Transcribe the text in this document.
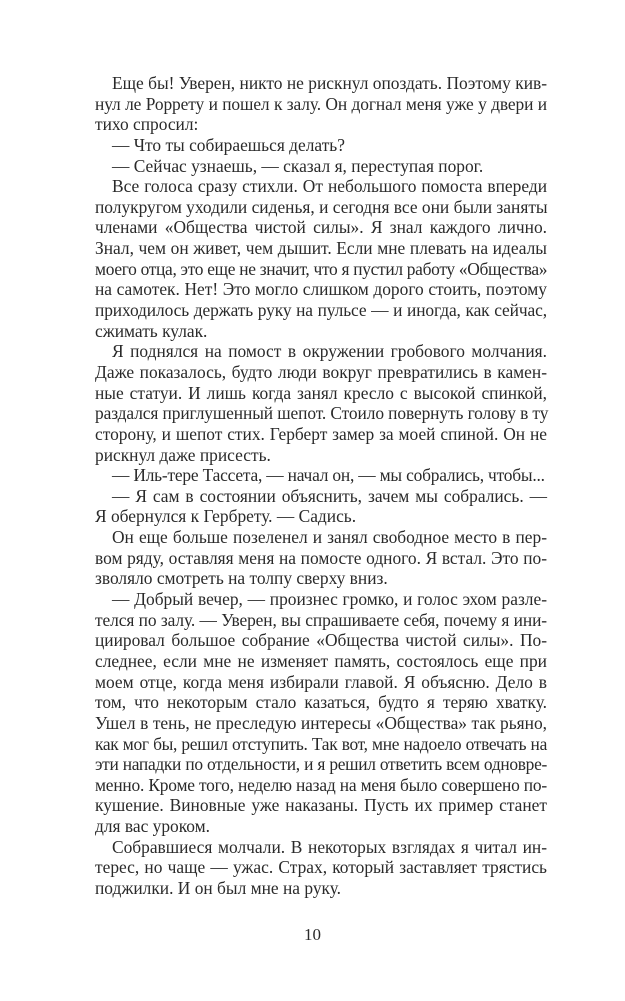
Еще бы! Уверен, никто не рискнул опоздать. Поэтому кив-
нул ле Роррету и пошел к залу. Он догнал меня уже у двери и
тихо спросил:
— Что ты собираешься делать?
— Сейчас узнаешь, — сказал я, переступая порог.
Все голоса сразу стихли. От небольшого помоста впереди
полукругом уходили сиденья, и сегодня все они были заняты
членами «Общества чистой силы». Я знал каждого лично.
Знал, чем он живет, чем дышит. Если мне плевать на идеалы
моего отца, это еще не значит, что я пустил работу «Общества»
на самотек. Нет! Это могло слишком дорого стоить, поэтому
приходилось держать руку на пульсе — и иногда, как сейчас,
сжимать кулак.
Я поднялся на помост в окружении гробового молчания.
Даже показалось, будто люди вокруг превратились в камен-
ные статуи. И лишь когда занял кресло с высокой спинкой,
раздался приглушенный шепот. Стоило повернуть голову в ту
сторону, и шепот стих. Герберт замер за моей спиной. Он не
рискнул даже присесть.
— Иль-тере Тассета, — начал он, — мы собрались, чтобы...
— Я сам в состоянии объяснить, зачем мы собрались. —
Я обернулся к Гербрету. — Садись.
Он еще больше позеленел и занял свободное место в пер-
вом ряду, оставляя меня на помосте одного. Я встал. Это по-
зволяло смотреть на толпу сверху вниз.
— Добрый вечер, — произнес громко, и голос эхом разле-
телся по залу. — Уверен, вы спрашиваете себя, почему я ини-
циировал большое собрание «Общества чистой силы». По-
следнее, если мне не изменяет память, состоялось еще при
моем отце, когда меня избирали главой. Я объясню. Дело в
том, что некоторым стало казаться, будто я теряю хватку.
Ушел в тень, не преследую интересы «Общества» так рьяно,
как мог бы, решил отступить. Так вот, мне надоело отвечать на
эти нападки по отдельности, и я решил ответить всем одновре-
менно. Кроме того, неделю назад на меня было совершено по-
кушение. Виновные уже наказаны. Пусть их пример станет
для вас уроком.
Собравшиеся молчали. В некоторых взглядах я читал ин-
терес, но чаще — ужас. Страх, который заставляет трястись
поджилки. И он был мне на руку.
10
